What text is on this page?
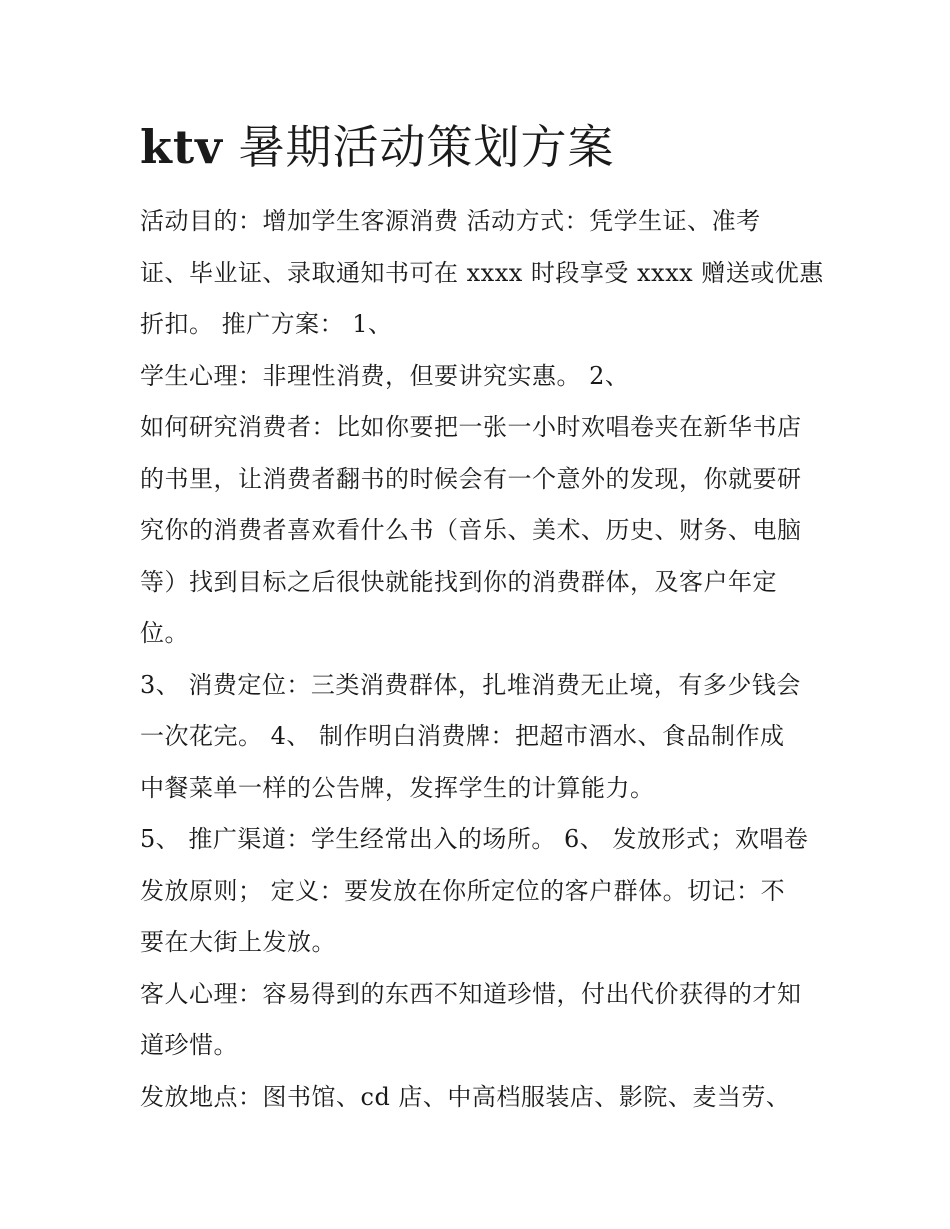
ktv 暑期活动策划方案
活动目的：增加学生客源消费 活动方式：凭学生证、准考
证、毕业证、录取通知书可在 xxxx 时段享受 xxxx 赠送或优惠
折扣。 推广方案： 1、
学生心理：非理性消费，但要讲究实惠。 2、
如何研究消费者：比如你要把一张一小时欢唱卷夹在新华书店
的书里，让消费者翻书的时候会有一个意外的发现，你就要研
究你的消费者喜欢看什么书（音乐、美术、历史、财务、电脑
等）找到目标之后很快就能找到你的消费群体，及客户年定
位。
3、 消费定位：三类消费群体，扎堆消费无止境，有多少钱会
一次花完。 4、 制作明白消费牌：把超市酒水、食品制作成
中餐菜单一样的公告牌，发挥学生的计算能力。
5、 推广渠道：学生经常出入的场所。 6、 发放形式；欢唱卷
发放原则； 定义：要发放在你所定位的客户群体。切记：不
要在大街上发放。
客人心理：容易得到的东西不知道珍惜，付出代价获得的才知
道珍惜。
发放地点：图书馆、cd 店、中高档服装店、影院、麦当劳、
